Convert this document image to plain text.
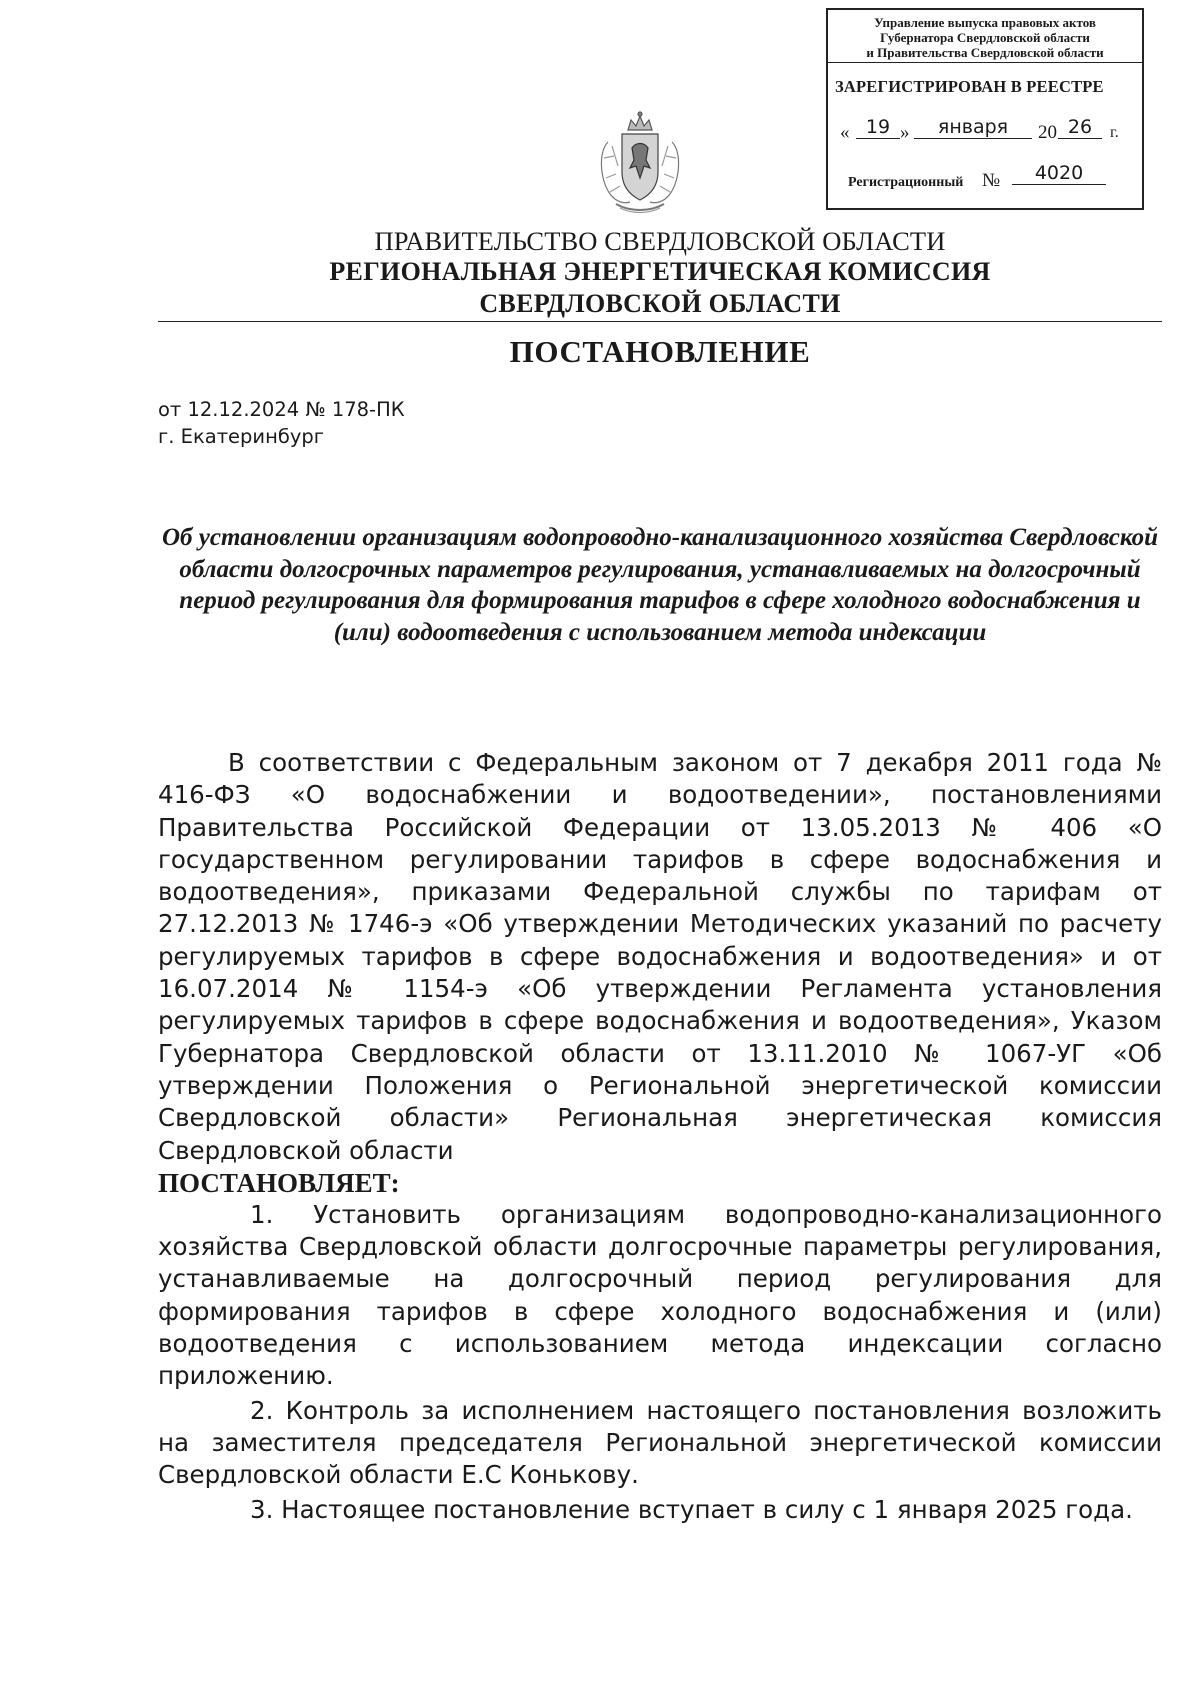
Управление выпуска правовых актов
Губернатора Свердловской области
и Правительства Свердловской области
ЗАРЕГИСТРИРОВАН В РЕЕСТРЕ
« 19 »	января	20 26	г.
Регистрационный №	4020
ПРАВИТЕЛЬСТВО СВЕРДЛОВСКОЙ ОБЛАСТИ
РЕГИОНАЛЬНАЯ ЭНЕРГЕТИЧЕСКАЯ КОМИССИЯ
СВЕРДЛОВСКОЙ ОБЛАСТИ
ПОСТАНОВЛЕНИЕ
от 12.12.2024 № 178-ПК
г. Екатеринбург
Об установлении организациям водопроводно-канализационного хозяйства Свердловской области долгосрочных параметров регулирования, устанавливаемых на долгосрочный период регулирования для формирования тарифов в сфере холодного водоснабжения и (или) водоотведения с использованием метода индексации

В соответствии с Федеральным законом от 7 декабря 2011 года № 416-ФЗ «О водоснабжении и водоотведении», постановлениями Правительства Российской Федерации от 13.05.2013 № 406 «О государственном регулировании тарифов в сфере водоснабжения и водоотведения», приказами Федеральной службы по тарифам от 27.12.2013 № 1746-э «Об утверждении Методических указаний по расчету регулируемых тарифов в сфере водоснабжения и водоотведения» и от 16.07.2014 № 1154-э «Об утверждении Регламента установления регулируемых тарифов в сфере водоснабжения и водоотведения», Указом Губернатора Свердловской области от 13.11.2010 № 1067-УГ «Об утверждении Положения о Региональной энергетической комиссии Свердловской области» Региональная энергетическая комиссия Свердловской области

ПОСТАНОВЛЯЕТ:

1. Установить организациям водопроводно-канализационного хозяйства Свердловской области долгосрочные параметры регулирования, устанавливаемые на долгосрочный период регулирования для формирования тарифов в сфере холодного водоснабжения и (или) водоотведения с использованием метода индексации согласно приложению.

2. Контроль за исполнением настоящего постановления возложить на заместителя председателя Региональной энергетической комиссии Свердловской области Е.С Конькову.

3. Настоящее постановление вступает в силу с 1 января 2025 года.
